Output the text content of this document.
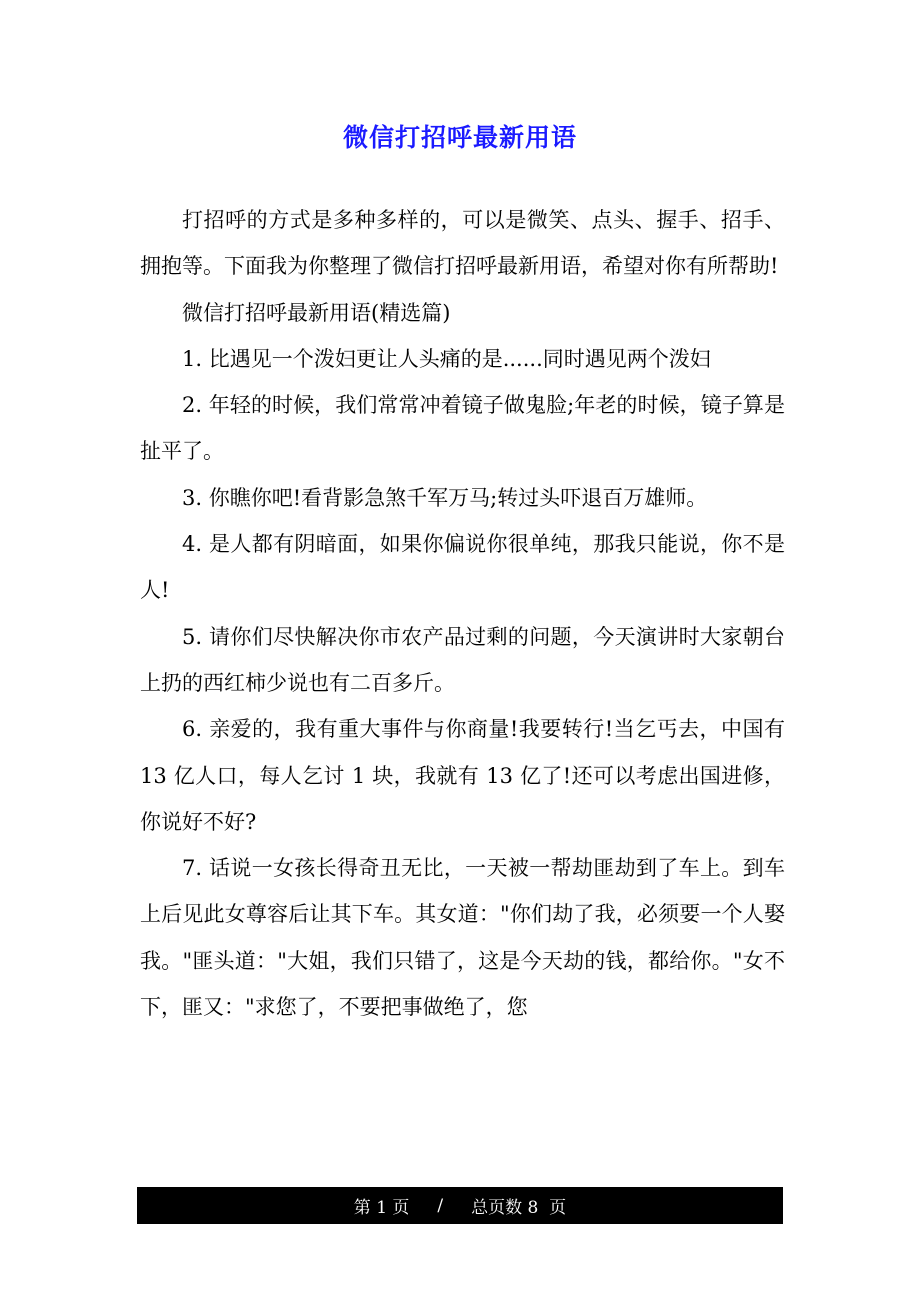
微信打招呼最新用语

打招呼的方式是多种多样的，可以是微笑、点头、握手、招手、拥抱等。下面我为你整理了微信打招呼最新用语，希望对你有所帮助!

微信打招呼最新用语(精选篇)

1. 比遇见一个泼妇更让人头痛的是......同时遇见两个泼妇

2. 年轻的时候，我们常常冲着镜子做鬼脸;年老的时候，镜子算是扯平了。

3. 你瞧你吧!看背影急煞千军万马;转过头吓退百万雄师。

4. 是人都有阴暗面，如果你偏说你很单纯，那我只能说，你不是人!

5. 请你们尽快解决你市农产品过剩的问题，今天演讲时大家朝台上扔的西红柿少说也有二百多斤。

6. 亲爱的，我有重大事件与你商量!我要转行!当乞丐去，中国有 13 亿人口，每人乞讨 1 块，我就有 13 亿了!还可以考虑出国进修，你说好不好?

7. 话说一女孩长得奇丑无比，一天被一帮劫匪劫到了车上。到车上后见此女尊容后让其下车。其女道："你们劫了我，必须要一个人娶我。"匪头道："大姐，我们只错了，这是今天劫的钱，都给你。"女不下，匪又："求您了，不要把事做绝了，您

第 1 页 / 总页数 8  页
